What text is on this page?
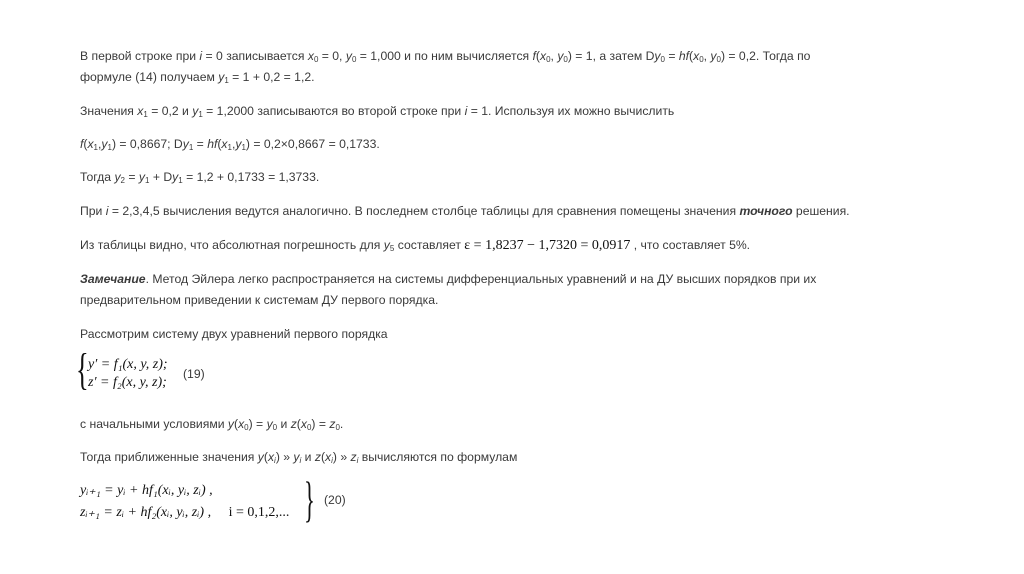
В первой строке при i = 0 записывается $x_0 = 0$, $y_0 = 1,000$ и по ним вычисляется $f(x_0$, $y_0) = 1$, а затем $Dy_0 = hf(x_0$, $y_0) = 0,2$. Тогда по
формуле (14) получаем $y_1 = 1 + 0,2 = 1,2$.
Значения $x_1 = 0,2$ и $y_1 = 1,2000$ записываются во второй строке при i = 1. Используя их можно вычислить
$f(x_1,y_1) = 0,8667$; $Dy_1 = hf(x_1,y_1) = 0,2\times 0,8667 = 0,1733$.
Тогда $y_2 = y_1 + Dy_1 = 1,2 + 0,1733 = 1,3733$.
При i = 2,3,4,5 вычисления ведутся аналогично. В последнем столбце таблицы для сравнения помещены значения точного решения.
Из таблицы видно, что абсолютная погрешность для $y_5$ составляет ε = 1,8237 − 1,7320 = 0,0917 , что составляет 5%.
Замечание. Метод Эйлера легко распространяется на системы дифференциальных уравнений и на ДУ высших порядков при их
предварительном приведении к системам ДУ первого порядка.
Рассмотрим систему двух уравнений первого порядка
{ y′ = f₁(x, y, z);
z′ = f₂(x, y, z);
(19)
с начальными условиями $y(x_0) = y_0$ и $z(x_0) = z_0$.
Тогда приближенные значения $y(x_i)$ » $y_i$ и $z(x_i)$ » $z_i$ вычисляются по формулам
yᵢ₊₁ = yᵢ + hf₁(xᵢ, yᵢ, zᵢ) ,
zᵢ₊₁ = zᵢ + hf₂(xᵢ, yᵢ, zᵢ) , i = 0,1,2,... } (20)
